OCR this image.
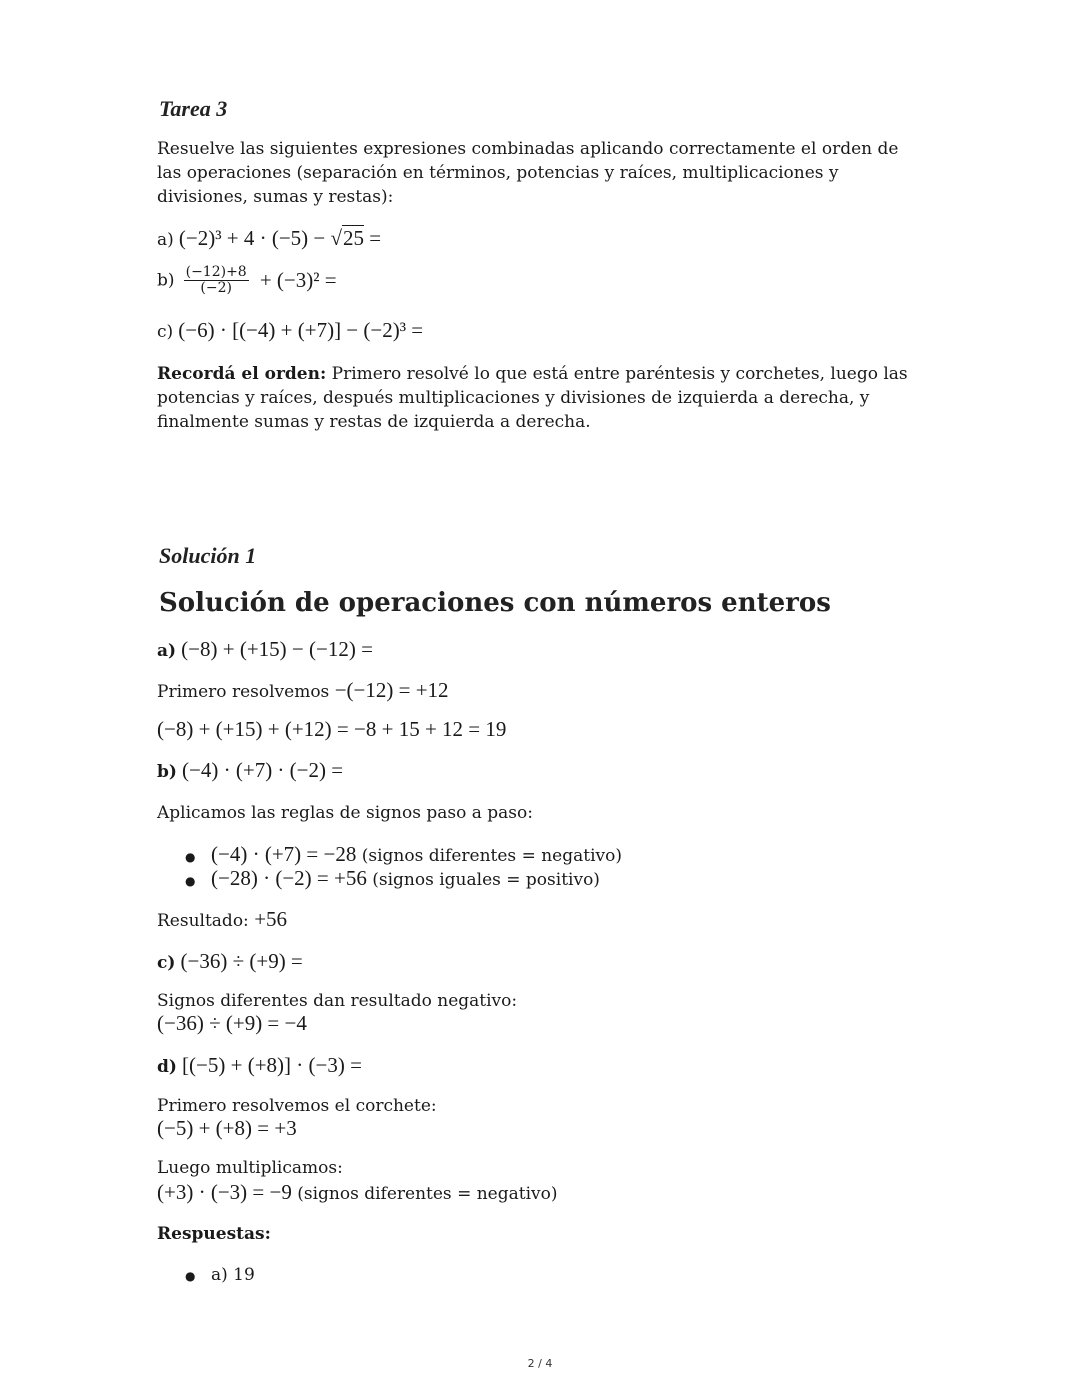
Tarea 3
Resuelve las siguientes expresiones combinadas aplicando correctamente el orden de las operaciones (separación en términos, potencias y raíces, multiplicaciones y divisiones, sumas y restas):
a) (−2)³ + 4 · (−5) − √25 =
$b) \frac{(-12)+8}{(-2)} + (-3)^2$ =
c) (−6) · [(−4) + (+7)] − (−2)³ =
Recordá el orden: Primero resolvé lo que está entre paréntesis y corchetes, luego las potencias y raíces, después multiplicaciones y divisiones de izquierda a derecha, y finalmente sumas y restas de izquierda a derecha.
Solución 1
Solución de operaciones con números enteros
a) (−8) + (+15) − (−12) =
Primero resolvemos −(−12) = +12
(−8) + (+15) + (+12) = −8 + 15 + 12 = 19
b) (−4) · (+7) · (−2) =
Aplicamos las reglas de signos paso a paso:
● (−4) · (+7) = −28 (signos diferentes = negativo)
● (−28) · (−2) = +56 (signos iguales = positivo)
Resultado: +56
c) (−36) ÷ (+9) =
Signos diferentes dan resultado negativo:
(−36) ÷ (+9) = −4
d) [(−5) + (+8)] · (−3) =
Primero resolvemos el corchete:
(−5) + (+8) = +3
Luego multiplicamos:
(+3) · (−3) = −9 (signos diferentes = negativo)
Respuestas:
● a) 19
2 / 4
